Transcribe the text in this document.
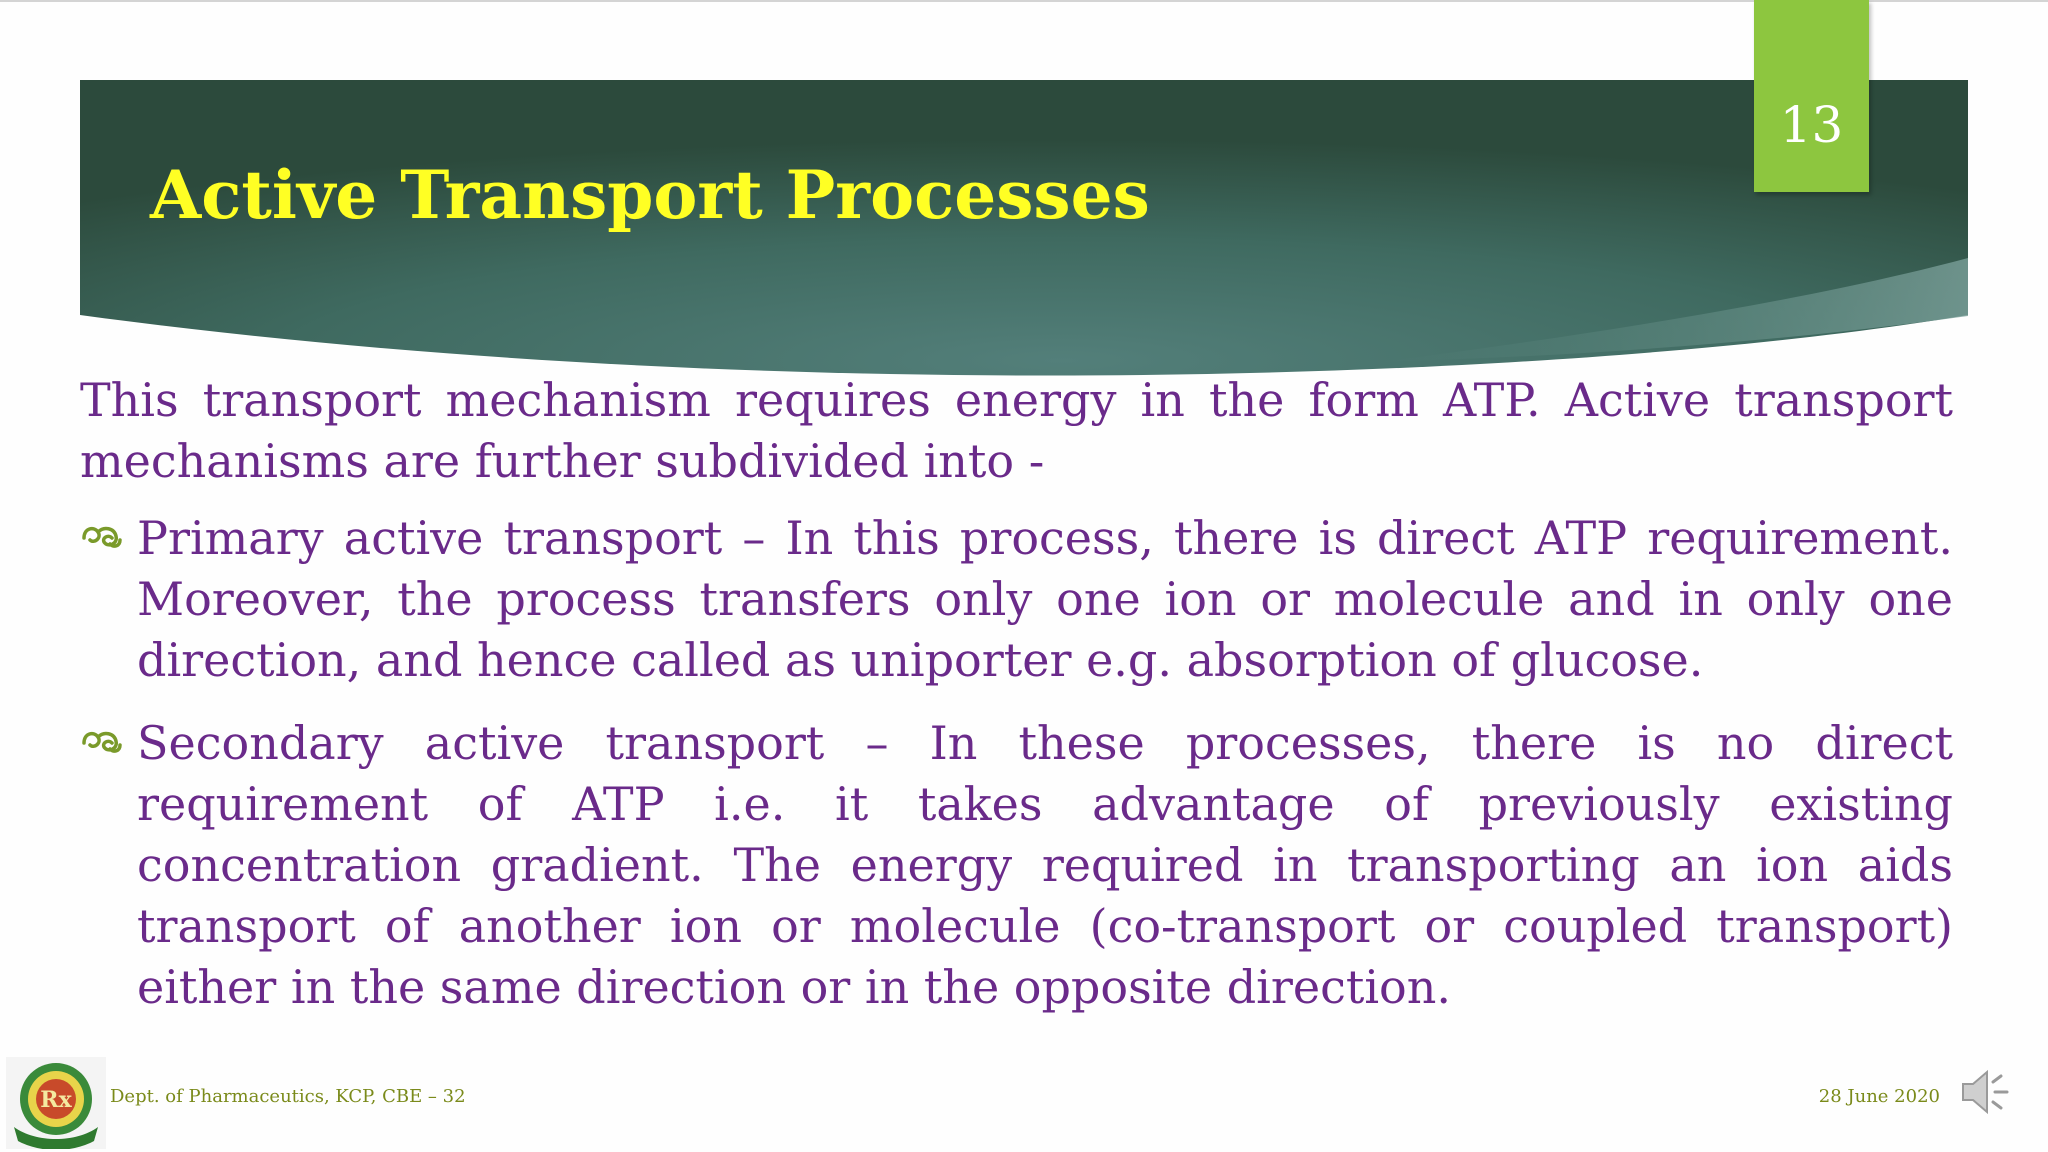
Active Transport Processes
13

This transport mechanism requires energy in the form ATP. Active transport mechanisms are further subdivided into -

Primary active transport – In this process, there is direct ATP requirement. Moreover, the process transfers only one ion or molecule and in only one direction, and hence called as uniporter e.g. absorption of glucose.
Secondary active transport – In these processes, there is no direct requirement of ATP i.e. it takes advantage of previously existing concentration gradient. The energy required in transporting an ion aids transport of another ion or molecule (co-transport or coupled transport) either in the same direction or in the opposite direction.
Rx Dept. of Pharmaceutics, KCP, CBE – 32	28 June 2020
